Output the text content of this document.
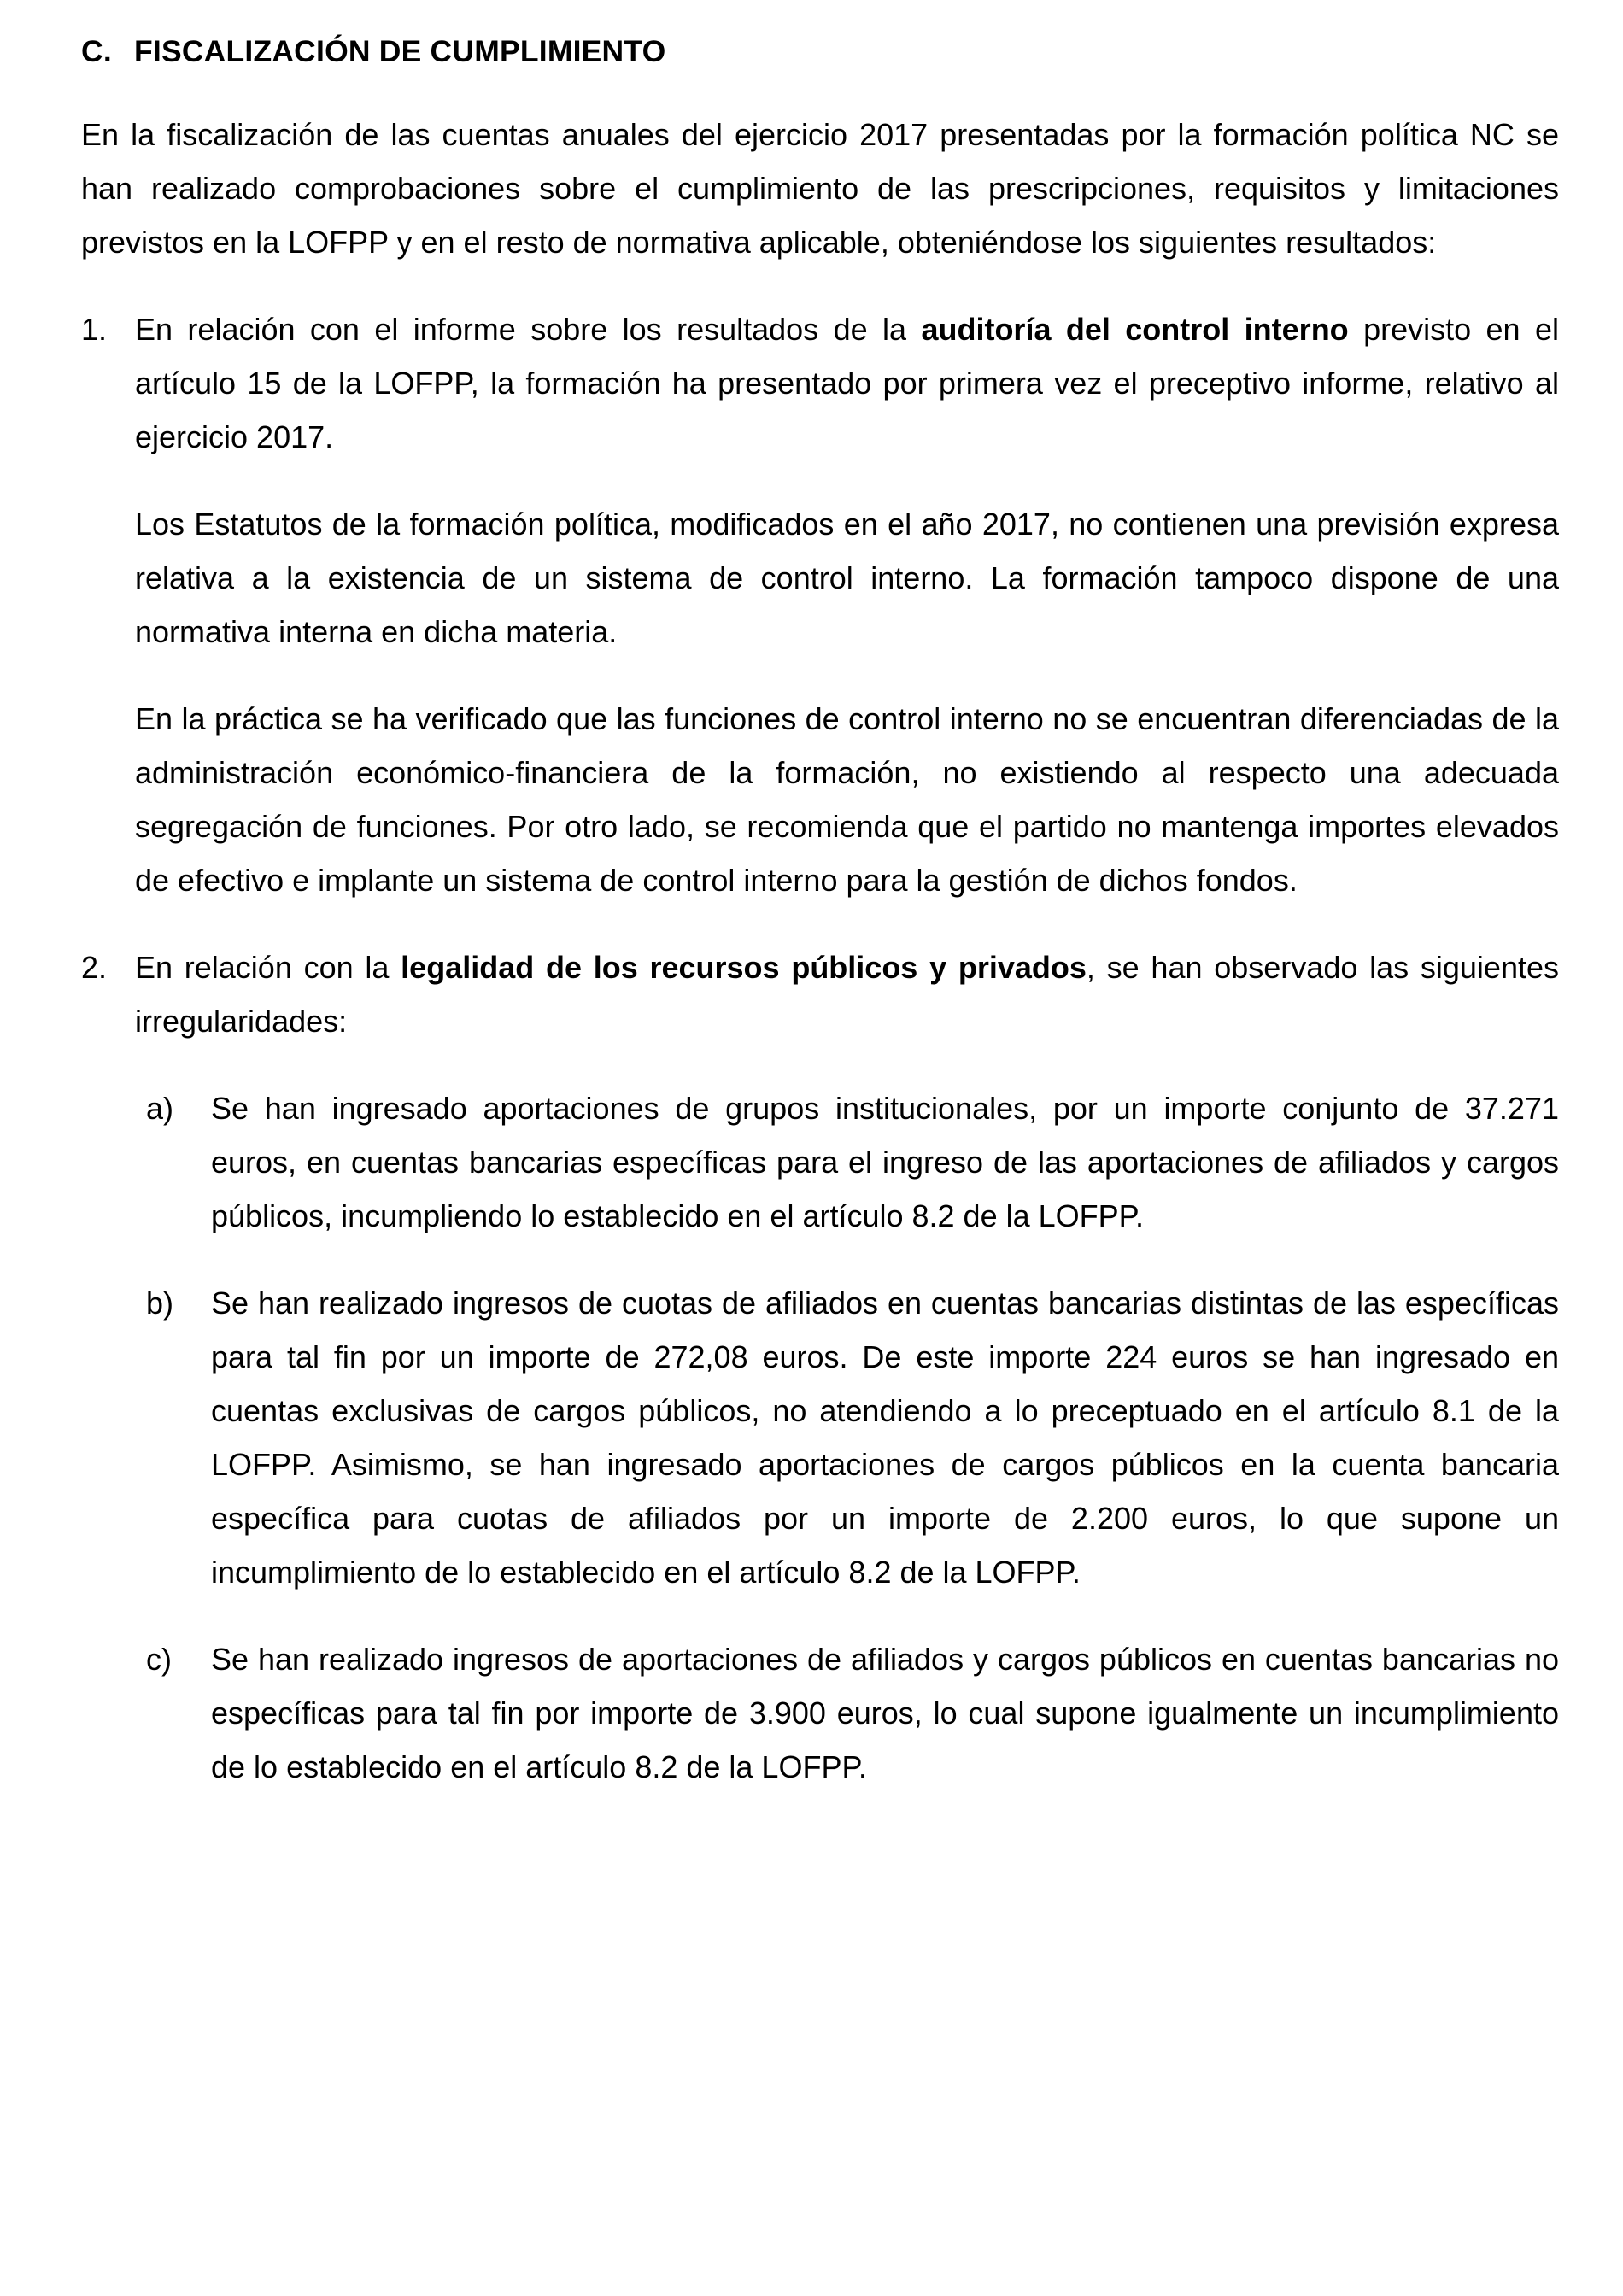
C. FISCALIZACIÓN DE CUMPLIMIENTO

En la fiscalización de las cuentas anuales del ejercicio 2017 presentadas por la formación política NC se han realizado comprobaciones sobre el cumplimiento de las prescripciones, requisitos y limitaciones previstos en la LOFPP y en el resto de normativa aplicable, obteniéndose los siguientes resultados:

1. En relación con el informe sobre los resultados de la auditoría del control interno previsto en el artículo 15 de la LOFPP, la formación ha presentado por primera vez el preceptivo informe, relativo al ejercicio 2017.

Los Estatutos de la formación política, modificados en el año 2017, no contienen una previsión expresa relativa a la existencia de un sistema de control interno. La formación tampoco dispone de una normativa interna en dicha materia.

En la práctica se ha verificado que las funciones de control interno no se encuentran diferenciadas de la administración económico-financiera de la formación, no existiendo al respecto una adecuada segregación de funciones. Por otro lado, se recomienda que el partido no mantenga importes elevados de efectivo e implante un sistema de control interno para la gestión de dichos fondos.

2. En relación con la legalidad de los recursos públicos y privados, se han observado las siguientes irregularidades:

a) Se han ingresado aportaciones de grupos institucionales, por un importe conjunto de 37.271 euros, en cuentas bancarias específicas para el ingreso de las aportaciones de afiliados y cargos públicos, incumpliendo lo establecido en el artículo 8.2 de la LOFPP.

b) Se han realizado ingresos de cuotas de afiliados en cuentas bancarias distintas de las específicas para tal fin por un importe de 272,08 euros. De este importe 224 euros se han ingresado en cuentas exclusivas de cargos públicos, no atendiendo a lo preceptuado en el artículo 8.1 de la LOFPP. Asimismo, se han ingresado aportaciones de cargos públicos en la cuenta bancaria específica para cuotas de afiliados por un importe de 2.200 euros, lo que supone un incumplimiento de lo establecido en el artículo 8.2 de la LOFPP.

c) Se han realizado ingresos de aportaciones de afiliados y cargos públicos en cuentas bancarias no específicas para tal fin por importe de 3.900 euros, lo cual supone igualmente un incumplimiento de lo establecido en el artículo 8.2 de la LOFPP.
